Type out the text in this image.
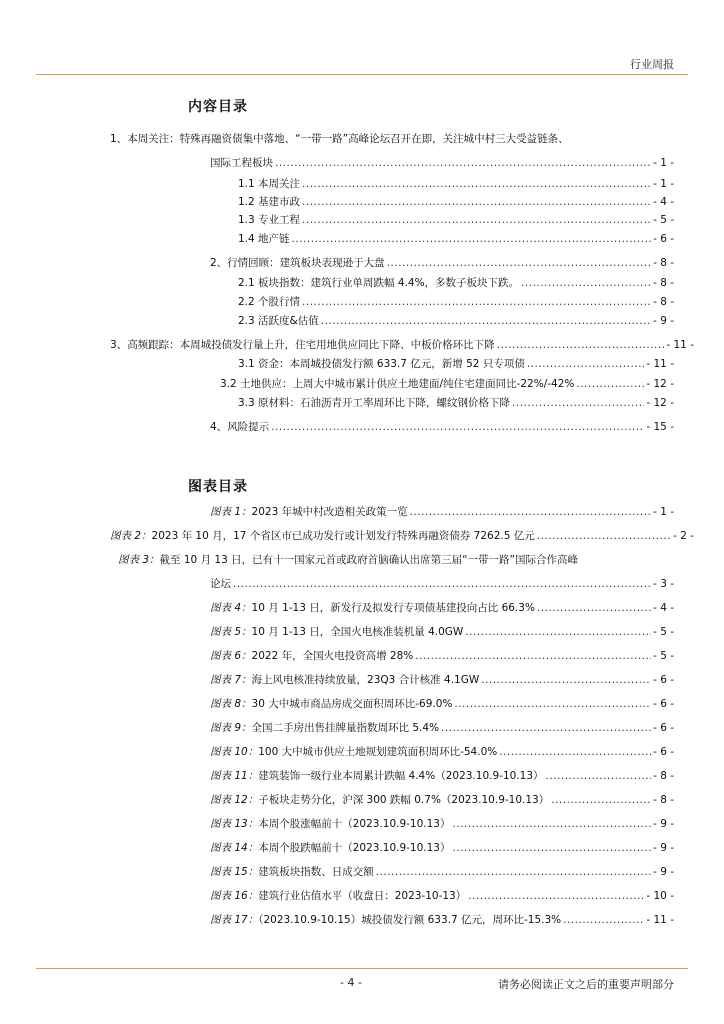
行业周报
内容目录
1、本周关注：特殊再融资债集中落地、“一带一路”高峰论坛召开在即，关注城中村三大受益链条、
国际工程板块 .....	- 1 -
1.1 本周关注 .....	- 1 -
1.2 基建市政 .....	- 4 -
1.3 专业工程 .....	- 5 -
1.4 地产链 .....	- 6 -
2、行情回顾：建筑板块表现逊于大盘 .....	- 8 -
2.1 板块指数：建筑行业单周跌幅 4.4%，多数子板块下跌。 .....	- 8 -
2.2 个股行情 .....	- 8 -
2.3 活跃度&估值 .....	- 9 -
3、高频跟踪：本周城投债发行量上升，住宅用地供应同比下降、中板价格环比下降 .....	- 11 -
3.1 资金：本周城投债发行额 633.7 亿元，新增 52 只专项债 .....	- 11 -
3.2 土地供应：上周大中城市累计供应土地建面/纯住宅建面同比-22%/-42% .....	- 12 -
3.3 原材料：石油沥青开工率周环比下降，螺纹钢价格下降 .....	- 12 -
4、风险提示 .....	- 15 -
图表目录
图表 1：2023 年城中村改造相关政策一览 .....	- 1 -
图表 2：2023 年 10 月，17 个省区市已成功发行或计划发行特殊再融资债券 7262.5 亿元 .....	- 2 -
图表 3：截至 10 月 13 日，已有十一国家元首或政府首脑确认出席第三届“一带一路”国际合作高峰
论坛 .....	- 3 -
图表 4：10 月 1-13 日，新发行及拟发行专项债基建投向占比 66.3% .....	- 4 -
图表 5：10 月 1-13 日，全国火电核准装机量 4.0GW .....	- 5 -
图表 6：2022 年，全国火电投资高增 28% .....	- 5 -
图表 7：海上风电核准持续放量，23Q3 合计核准 4.1GW .....	- 6 -
图表 8：30 大中城市商品房成交面积周环比-69.0% .....	- 6 -
图表 9：全国二手房出售挂牌量指数周环比 5.4% .....	- 6 -
图表 10：100 大中城市供应土地规划建筑面积周环比-54.0% .....	- 6 -
图表 11：建筑装饰一级行业本周累计跌幅 4.4%（2023.10.9-10.13） .....	- 8 -
图表 12：子板块走势分化，沪深 300 跌幅 0.7%（2023.10.9-10.13） .....	- 8 -
图表 13：本周个股涨幅前十（2023.10.9-10.13） .....	- 9 -
图表 14：本周个股跌幅前十（2023.10.9-10.13） .....	- 9 -
图表 15：建筑板块指数、日成交额 .....	- 9 -
图表 16：建筑行业估值水平（收盘日：2023-10-13） .....	- 10 -
图表 17：（2023.10.9-10.15）城投债发行额 633.7 亿元，周环比-15.3% .....	- 11 -
- 4 -	请务必阅读正文之后的重要声明部分
